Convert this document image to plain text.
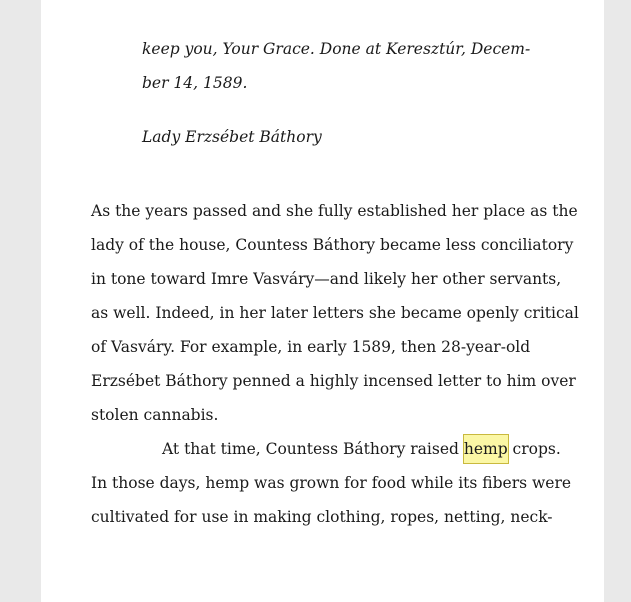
keep you, Your Grace. Done at Keresztúr, Decem-
ber 14, 1589.
Lady Erzsébet Báthory
As the years passed and she fully established her place as the
lady of the house, Countess Báthory became less conciliatory
in tone toward Imre Vasváry—and likely her other servants,
as well. Indeed, in her later letters she became openly critical
of Vasváry. For example, in early 1589, then 28-year-old
Erzsébet Báthory penned a highly incensed letter to him over
stolen cannabis.
At that time, Countess Báthory raised hemp crops.
In those days, hemp was grown for food while its fibers were
cultivated for use in making clothing, ropes, netting, neck-
